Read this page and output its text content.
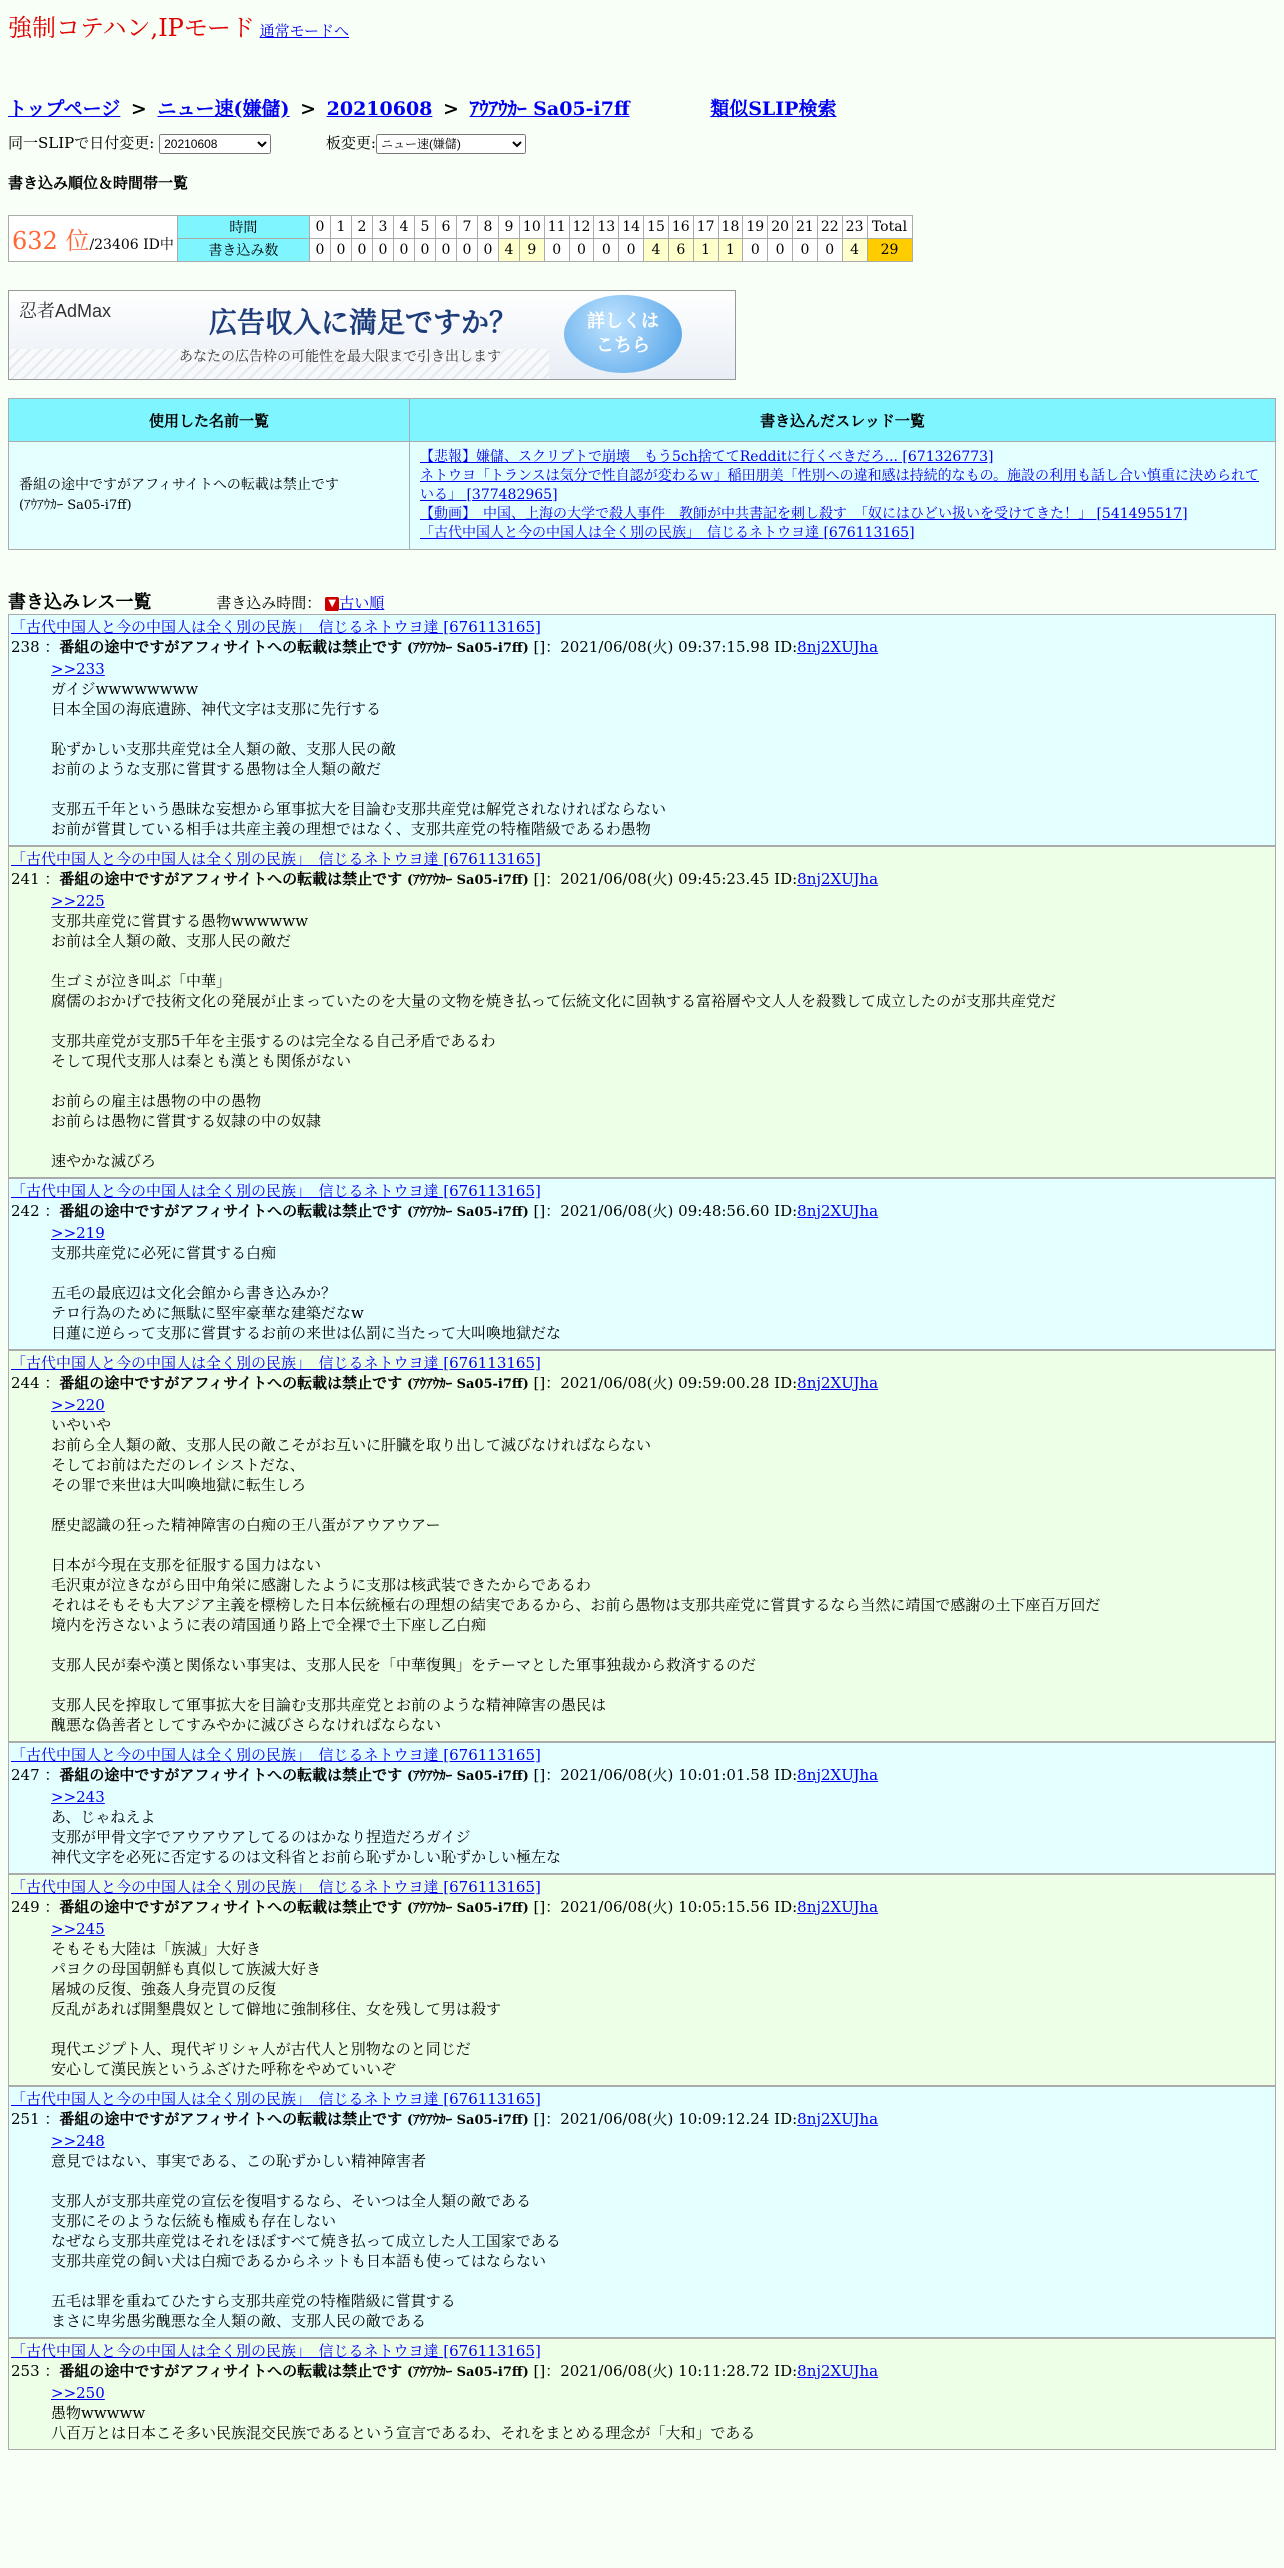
強制コテハン,IPモード 通常モードへ
トップページ > ニュー速(嫌儲) > 20210608 > ｱｳｱｳｶｰ Sa05-i7ff	類似SLIP検索
同一SLIPで日付変更:
20210608	板変更:
ニュー速(嫌儲)
書き込み順位＆時間帯一覧
632 位/23406 ID中	時間	0	1	2	3	4	5	6	7	8	9	10	11	12	13	14	15	16	17	18	19	20	21	22	23	Total
	書き込み数	0	0	0	0	0	0	0	0	0	4	9	0	0	0	0	4	6	1	1	0	0	0	0	4	29
忍者AdMax	広告収入に満足ですか？
あなたの広告枠の可能性を最大限まで引き出します
詳しくは
こちら
使用した名前一覧	書き込んだスレッド一覧
番組の途中ですがアフィサイトへの転載は禁止です
(ｱｳｱｳｶｰ Sa05-i7ff)	【悲報】嫌儲、スクリプトで崩壊　もう5ch捨ててRedditに行くべきだろ... [671326773]
ネトウヨ「トランスは気分で性自認が変わるｗ」稲田朋美「性別への違和感は持続的なもの。施設の利用も話し合い慎重に決められている」 [377482965]
【動画】　中国、上海の大学で殺人事件　教師が中共書記を刺し殺す　「奴にはひどい扱いを受けてきた！」 [541495517]
「古代中国人と今の中国人は全く別の民族」　信じるネトウヨ達 [676113165]
書き込みレス一覧	書き込み時間： ▼ 古い順
「古代中国人と今の中国人は全く別の民族」　信じるネトウヨ達 [676113165]
238 ：番組の途中ですがアフィサイトへの転載は禁止です (ｱｳｱｳｶｰ Sa05-i7ff) []：2021/06/08(火) 09:37:15.98 ID:8nj2XUJha
>>233
ガイジwwwwwwww
日本全国の海底遺跡、神代文字は支那に先行する

恥ずかしい支那共産党は全人類の敵、支那人民の敵
お前のような支那に嘗貫する愚物は全人類の敵だ

支那五千年という愚昧な妄想から軍事拡大を目論む支那共産党は解党されなければならない
お前が嘗貫している相手は共産主義の理想ではなく、支那共産党の特権階級であるわ愚物
「古代中国人と今の中国人は全く別の民族」　信じるネトウヨ達 [676113165]
241 ：番組の途中ですがアフィサイトへの転載は禁止です (ｱｳｱｳｶｰ Sa05-i7ff) []：2021/06/08(火) 09:45:23.45 ID:8nj2XUJha
>>225
支那共産党に嘗貫する愚物wwwwww
お前は全人類の敵、支那人民の敵だ

生ゴミが泣き叫ぶ「中華」
腐儒のおかげで技術文化の発展が止まっていたのを大量の文物を焼き払って伝統文化に固執する富裕層や文人人を殺戮して成立したのが支那共産党だ

支那共産党が支那5千年を主張するのは完全なる自己矛盾であるわ
そして現代支那人は秦とも漢とも関係がない

お前らの雇主は愚物の中の愚物
お前らは愚物に嘗貫する奴隷の中の奴隷

速やかな滅びろ
「古代中国人と今の中国人は全く別の民族」　信じるネトウヨ達 [676113165]
242 ：番組の途中ですがアフィサイトへの転載は禁止です (ｱｳｱｳｶｰ Sa05-i7ff) []：2021/06/08(火) 09:48:56.60 ID:8nj2XUJha
>>219
支那共産党に必死に嘗貫する白痴

五毛の最底辺は文化会館から書き込みか？
テロ行為のために無駄に堅牢豪華な建築だなw
日蓮に逆らって支那に嘗貫するお前の来世は仏罰に当たって大叫喚地獄だな
「古代中国人と今の中国人は全く別の民族」　信じるネトウヨ達 [676113165]
244 ：番組の途中ですがアフィサイトへの転載は禁止です (ｱｳｱｳｶｰ Sa05-i7ff) []：2021/06/08(火) 09:59:00.28 ID:8nj2XUJha
>>220
いやいや
お前ら全人類の敵、支那人民の敵こそがお互いに肝臓を取り出して滅びなければならない
そしてお前はただのレイシストだな、
その罪で来世は大叫喚地獄に転生しろ

歴史認識の狂った精神障害の白痴の王八蛋がアウアウアー

日本が今現在支那を征服する国力はない
毛沢東が泣きながら田中角栄に感謝したように支那は核武装できたからであるわ
それはそもそも大アジア主義を標榜した日本伝統極右の理想の結実であるから、お前ら愚物は支那共産党に嘗貫するなら当然に靖国で感謝の土下座百万回だ
境内を汚さないように表の靖国通り路上で全裸で土下座し乙白痴

支那人民が秦や漢と関係ない事実は、支那人民を「中華復興」をテーマとした軍事独裁から救済するのだ

支那人民を搾取して軍事拡大を目論む支那共産党とお前のような精神障害の愚民は
醜悪な偽善者としてすみやかに滅びさらなければならない
「古代中国人と今の中国人は全く別の民族」　信じるネトウヨ達 [676113165]
247 ：番組の途中ですがアフィサイトへの転載は禁止です (ｱｳｱｳｶｰ Sa05-i7ff) []：2021/06/08(火) 10:01:01.58 ID:8nj2XUJha
>>243
あ、じゃねえよ
支那が甲骨文字でアウアウアしてるのはかなり捏造だろガイジ
神代文字を必死に否定するのは文科省とお前ら恥ずかしい恥ずかしい極左な
「古代中国人と今の中国人は全く別の民族」　信じるネトウヨ達 [676113165]
249 ：番組の途中ですがアフィサイトへの転載は禁止です (ｱｳｱｳｶｰ Sa05-i7ff) []：2021/06/08(火) 10:05:15.56 ID:8nj2XUJha
>>245
そもそも大陸は「族滅」大好き
パヨクの母国朝鮮も真似して族滅大好き
屠城の反復、強姦人身売買の反復
反乱があれば開墾農奴として僻地に強制移住、女を残して男は殺す

現代エジプト人、現代ギリシャ人が古代人と別物なのと同じだ
安心して漢民族というふざけた呼称をやめていいぞ
「古代中国人と今の中国人は全く別の民族」　信じるネトウヨ達 [676113165]
251 ：番組の途中ですがアフィサイトへの転載は禁止です (ｱｳｱｳｶｰ Sa05-i7ff) []：2021/06/08(火) 10:09:12.24 ID:8nj2XUJha
>>248
意見ではない、事実である、この恥ずかしい精神障害者

支那人が支那共産党の宣伝を復唱するなら、そいつは全人類の敵である
支那にそのような伝統も権威も存在しない
なぜなら支那共産党はそれをほぼすべて焼き払って成立した人工国家である
支那共産党の飼い犬は白痴であるからネットも日本語も使ってはならない

五毛は罪を重ねてひたすら支那共産党の特権階級に嘗貫する
まさに卑劣愚劣醜悪な全人類の敵、支那人民の敵である
「古代中国人と今の中国人は全く別の民族」　信じるネトウヨ達 [676113165]
253 ：番組の途中ですがアフィサイトへの転載は禁止です (ｱｳｱｳｶｰ Sa05-i7ff) []：2021/06/08(火) 10:11:28.72 ID:8nj2XUJha
>>250
愚物wwwww
八百万とは日本こそ多い民族混交民族であるという宣言であるわ、それをまとめる理念が「大和」である
